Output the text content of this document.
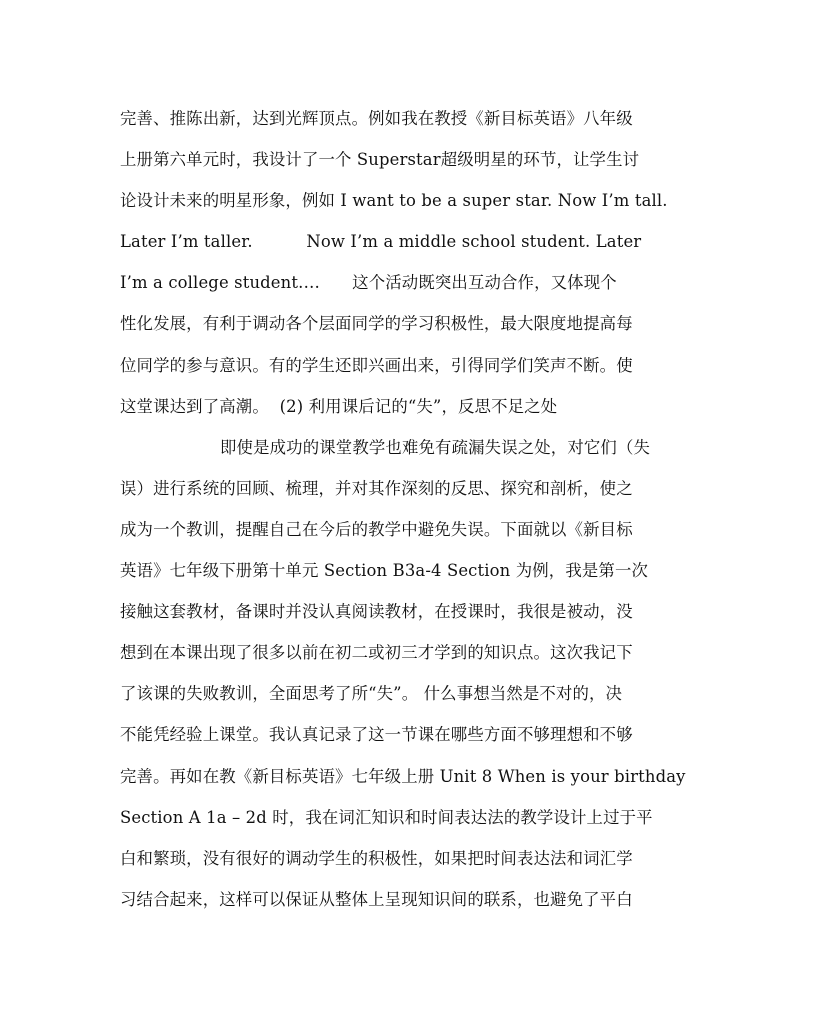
完善、推陈出新，达到光辉顶点。例如我在教授《新目标英语》八年级
上册第六单元时，我设计了一个 Superstar超级明星的环节，让学生讨
论设计未来的明星形象，例如 I want to be a super star. Now I’m tall.
Later I’m taller.          Now I’m a middle school student. Later
I’m a college student.…      这个活动既突出互动合作，又体现个
性化发展，有利于调动各个层面同学的学习积极性，最大限度地提高每
位同学的参与意识。有的学生还即兴画出来，引得同学们笑声不断。使
这堂课达到了高潮。  (2) 利用课后记的“失”，反思不足之处
即使是成功的课堂教学也难免有疏漏失误之处，对它们（失
误）进行系统的回顾、梳理，并对其作深刻的反思、探究和剖析，使之
成为一个教训，提醒自己在今后的教学中避免失误。下面就以《新目标
英语》七年级下册第十单元 Section B3a-4 Section 为例，我是第一次
接触这套教材，备课时并没认真阅读教材，在授课时，我很是被动，没
想到在本课出现了很多以前在初二或初三才学到的知识点。这次我记下
了该课的失败教训，全面思考了所“失”。 什么事想当然是不对的，决
不能凭经验上课堂。我认真记录了这一节课在哪些方面不够理想和不够
完善。再如在教《新目标英语》七年级上册 Unit 8 When is your birthday
Section A 1a – 2d 时，我在词汇知识和时间表达法的教学设计上过于平
白和繁琐，没有很好的调动学生的积极性，如果把时间表达法和词汇学
习结合起来，这样可以保证从整体上呈现知识间的联系，也避免了平白
